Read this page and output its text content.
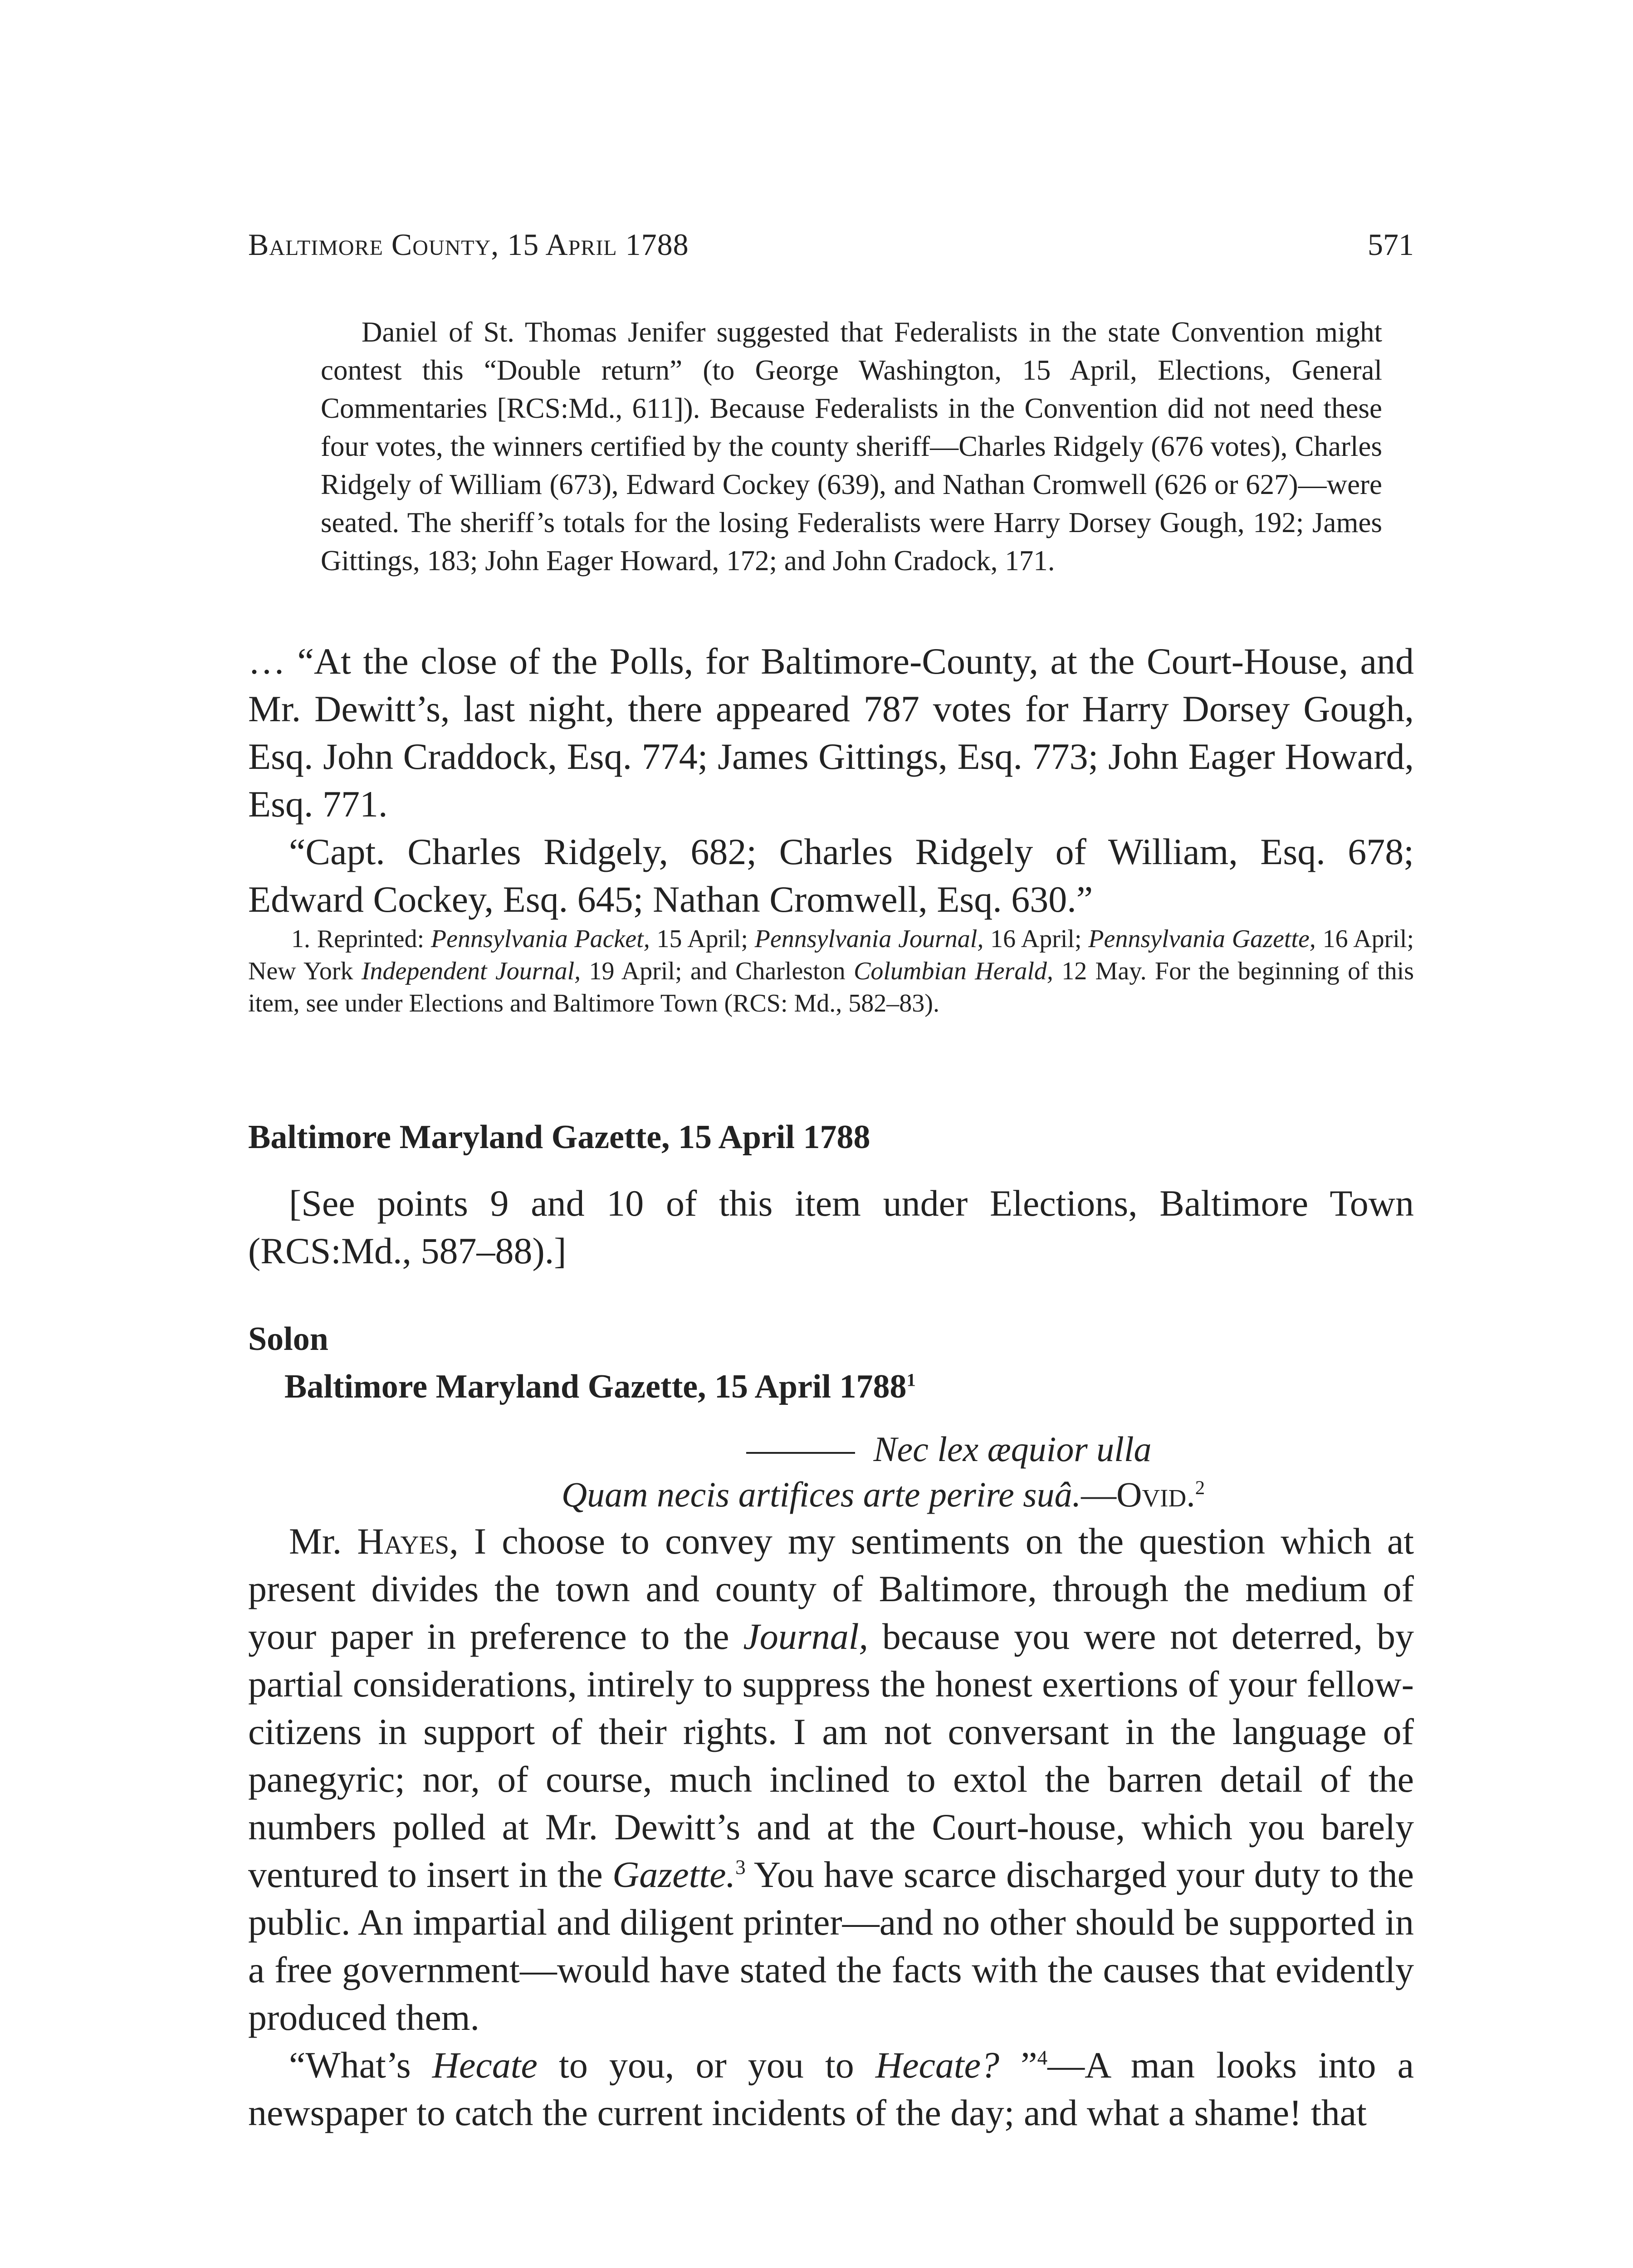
Baltimore County, 15 April 1788	571

Daniel of St. Thomas Jenifer suggested that Federalists in the state Convention might contest this “Double return” (to George Washington, 15 April, Elections, General Commentaries [RCS:Md., 611]). Because Federalists in the Convention did not need these four votes, the winners certified by the county sheriff—Charles Ridgely (676 votes), Charles Ridgely of William (673), Edward Cockey (639), and Nathan Cromwell (626 or 627)—were seated. The sheriff’s totals for the losing Federalists were Harry Dorsey Gough, 192; James Gittings, 183; John Eager Howard, 172; and John Cradock, 171.

… “At the close of the Polls, for Baltimore-County, at the Court-House, and Mr. Dewitt’s, last night, there appeared 787 votes for Harry Dorsey Gough, Esq. John Craddock, Esq. 774; James Gittings, Esq. 773; John Eager Howard, Esq. 771.

“Capt. Charles Ridgely, 682; Charles Ridgely of William, Esq. 678; Edward Cockey, Esq. 645; Nathan Cromwell, Esq. 630.”

1. Reprinted: Pennsylvania Packet, 15 April; Pennsylvania Journal, 16 April; Pennsylvania Gazette, 16 April; New York Independent Journal, 19 April; and Charleston Columbian Herald, 12 May. For the beginning of this item, see under Elections and Baltimore Town (RCS: Md., 582–83).

Baltimore Maryland Gazette, 15 April 1788

[See points 9 and 10 of this item under Elections, Baltimore Town (RCS:Md., 587–88).]

Solon
Baltimore Maryland Gazette, 15 April 1788$^1$
Nec lex æquior ulla
Quam necis artifices arte perire suâ.—Ovid.$^2$

Mr. Hayes, I choose to convey my sentiments on the question which at present divides the town and county of Baltimore, through the medium of your paper in preference to the Journal, because you were not deterred, by partial considerations, intirely to suppress the honest exertions of your fellow-citizens in support of their rights. I am not conversant in the language of panegyric; nor, of course, much inclined to extol the barren detail of the numbers polled at Mr. Dewitt’s and at the Court-house, which you barely ventured to insert in the Gazette.$^3$ You have scarce discharged your duty to the public. An impartial and diligent printer—and no other should be supported in a free government—would have stated the facts with the causes that evidently produced them.

“What’s Hecate to you, or you to Hecate? ”$^4$—A man looks into a newspaper to catch the current incidents of the day; and what a shame! that
